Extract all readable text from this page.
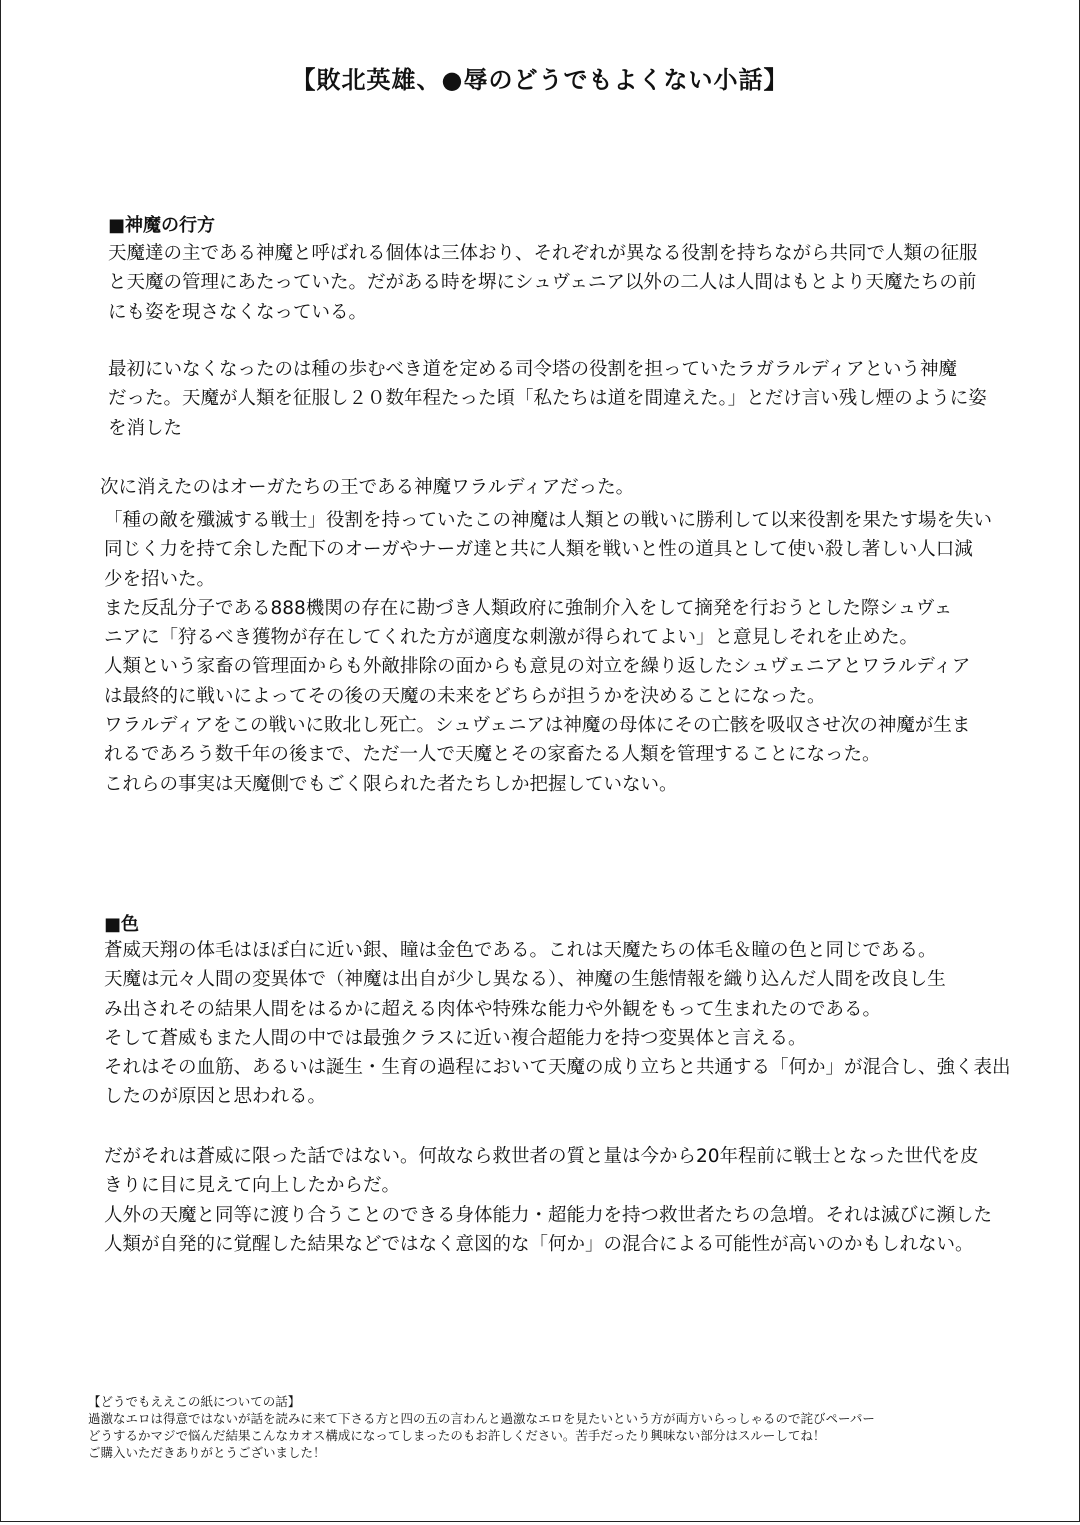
【敗北英雄、●辱のどうでもよくない小話】
■神魔の行方
天魔達の主である神魔と呼ばれる個体は三体おり、それぞれが異なる役割を持ちながら共同で人類の征服
と天魔の管理にあたっていた。だがある時を堺にシュヴェニア以外の二人は人間はもとより天魔たちの前
にも姿を現さなくなっている。
最初にいなくなったのは種の歩むべき道を定める司令塔の役割を担っていたラガラルディアという神魔
だった。天魔が人類を征服し２０数年程たった頃「私たちは道を間違えた。」とだけ言い残し煙のように姿
を消した
次に消えたのはオーガたちの王である神魔ワラルディアだった。
「種の敵を殲滅する戦士」役割を持っていたこの神魔は人類との戦いに勝利して以来役割を果たす場を失い
同じく力を持て余した配下のオーガやナーガ達と共に人類を戦いと性の道具として使い殺し著しい人口減
少を招いた。
また反乱分子である888機関の存在に勘づき人類政府に強制介入をして摘発を行おうとした際シュヴェ
ニアに「狩るべき獲物が存在してくれた方が適度な刺激が得られてよい」と意見しそれを止めた。
人類という家畜の管理面からも外敵排除の面からも意見の対立を繰り返したシュヴェニアとワラルディア
は最終的に戦いによってその後の天魔の未来をどちらが担うかを決めることになった。
ワラルディアをこの戦いに敗北し死亡。シュヴェニアは神魔の母体にその亡骸を吸収させ次の神魔が生ま
れるであろう数千年の後まで、ただ一人で天魔とその家畜たる人類を管理することになった。
これらの事実は天魔側でもごく限られた者たちしか把握していない。
■色
蒼威天翔の体毛はほぼ白に近い銀、瞳は金色である。これは天魔たちの体毛＆瞳の色と同じである。
天魔は元々人間の変異体で（神魔は出自が少し異なる）、神魔の生態情報を織り込んだ人間を改良し生
み出されその結果人間をはるかに超える肉体や特殊な能力や外観をもって生まれたのである。
そして蒼威もまた人間の中では最強クラスに近い複合超能力を持つ変異体と言える。
それはその血筋、あるいは誕生・生育の過程において天魔の成り立ちと共通する「何か」が混合し、強く表出
したのが原因と思われる。
だがそれは蒼威に限った話ではない。何故なら救世者の質と量は今から20年程前に戦士となった世代を皮
きりに目に見えて向上したからだ。
人外の天魔と同等に渡り合うことのできる身体能力・超能力を持つ救世者たちの急増。それは滅びに瀕した
人類が自発的に覚醒した結果などではなく意図的な「何か」の混合による可能性が高いのかもしれない。
【どうでもええこの紙についての話】
過激なエロは得意ではないが話を読みに来て下さる方と四の五の言わんと過激なエロを見たいという方が両方いらっしゃるので詫びペーパー
どうするかマジで悩んだ結果こんなカオス構成になってしまったのもお許しください。苦手だったり興味ない部分はスルーしてね！
ご購入いただきありがとうございました！
